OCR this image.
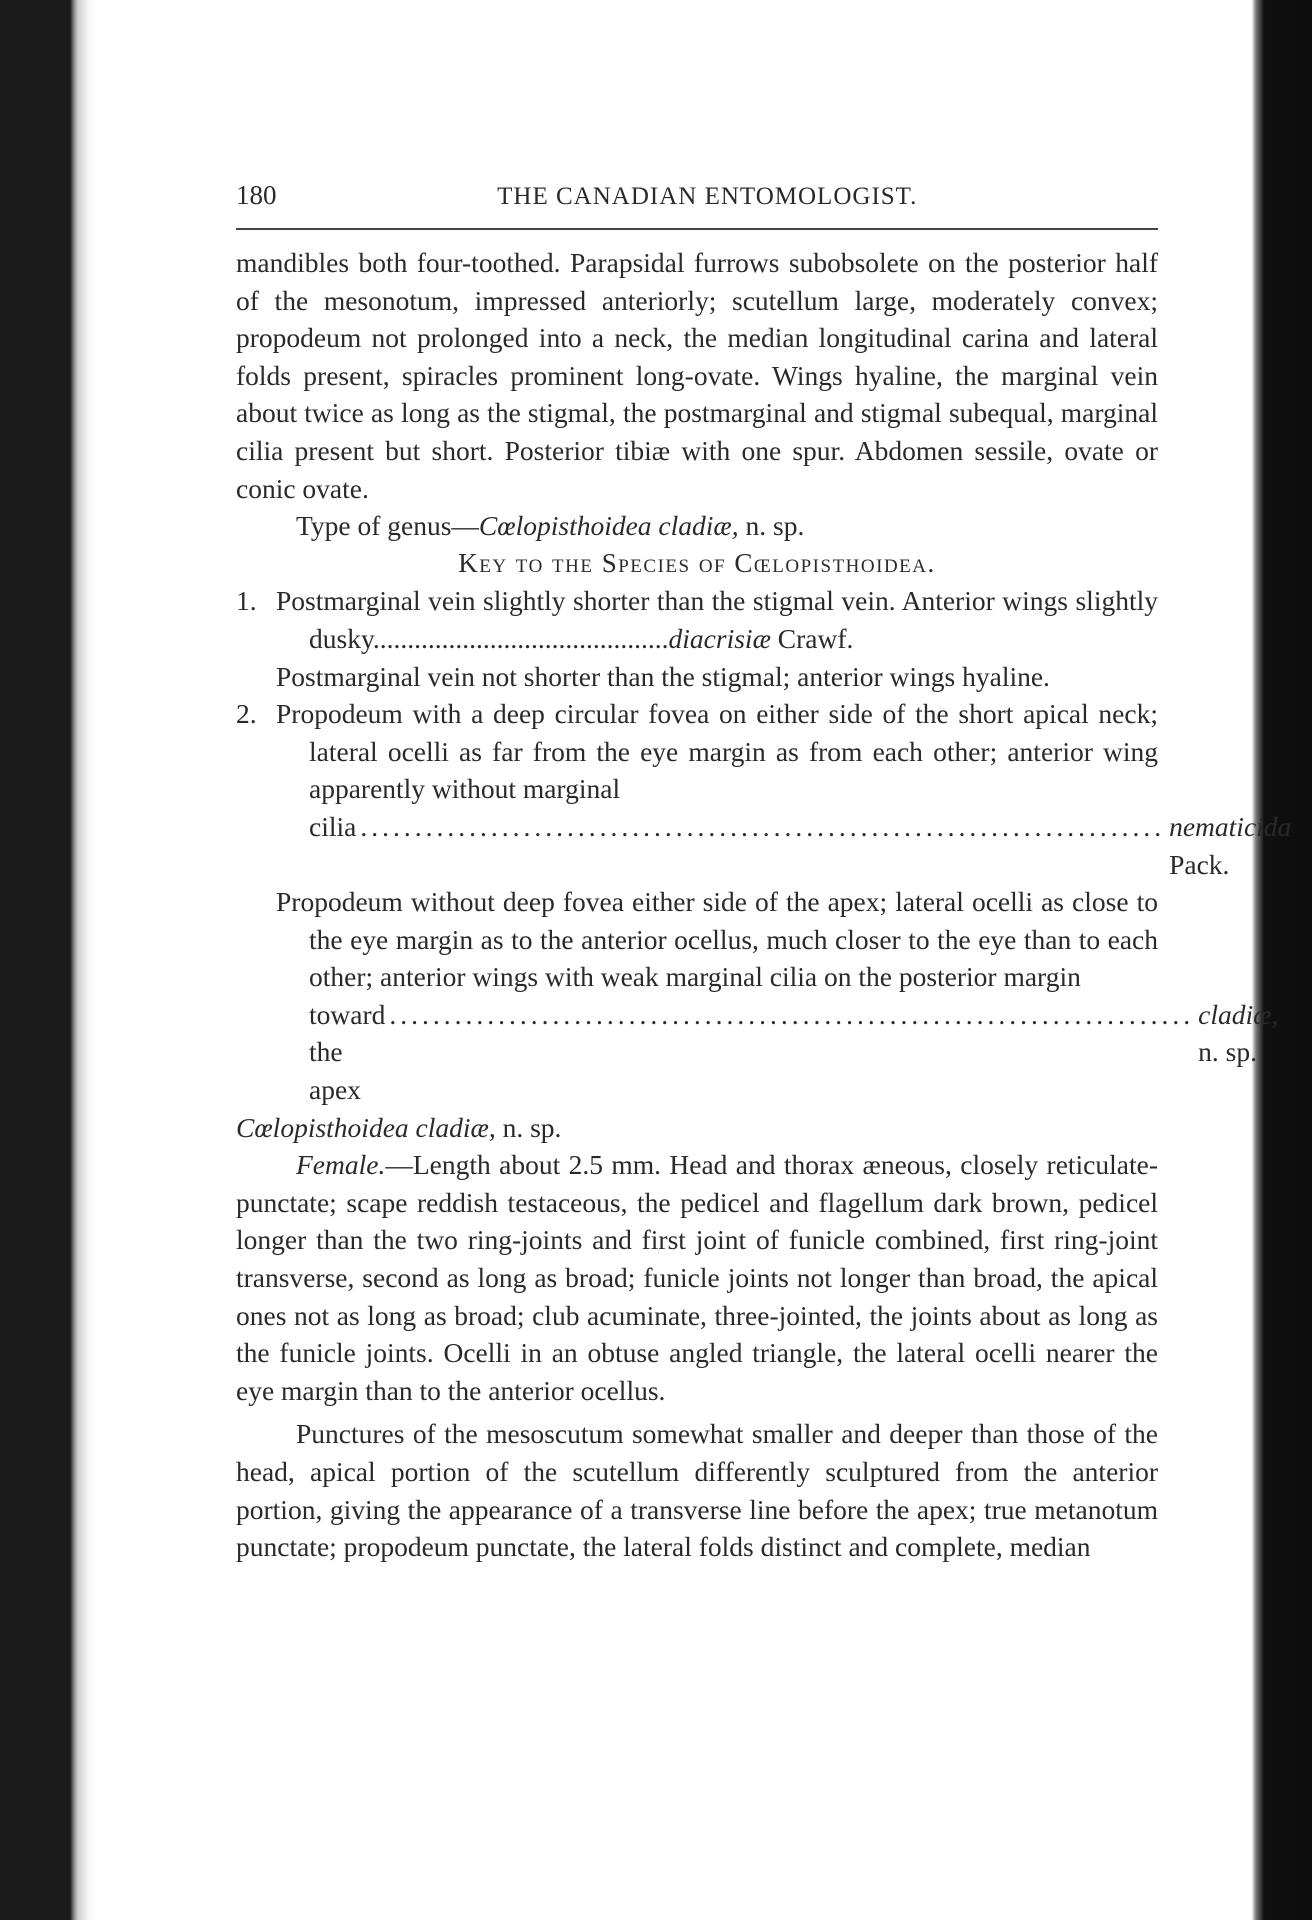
180	THE CANADIAN ENTOMOLOGIST.

mandibles both four-toothed. Parapsidal furrows subobsolete on the posterior half of the mesonotum, impressed anteriorly; scutellum large, moderately convex; propodeum not prolonged into a neck, the median longitudinal carina and lateral folds present, spiracles prominent long-ovate. Wings hyaline, the marginal vein about twice as long as the stigmal, the postmarginal and stigmal subequal, marginal cilia present but short. Posterior tibiæ with one spur. Abdomen sessile, ovate or conic ovate.

Type of genus—Cœlopisthoidea cladiæ, n. sp.

Key to the Species of Cœlopisthoidea.

1. Postmarginal vein slightly shorter than the stigmal vein. Anterior wings slightly dusky...........................................diacrisiæ Crawf.
Postmarginal vein not shorter than the stigmal; anterior wings hyaline.
2. Propodeum with a deep circular fovea on either side of the short apical neck; lateral ocelli as far from the eye margin as from each other; anterior wing apparently without marginal
cilia .......................................................................... nematicida Pack.
Propodeum without deep fovea either side of the apex; lateral ocelli as close to the eye margin as to the anterior ocellus, much closer to the eye than to each other; anterior wings with weak marginal cilia on the posterior margin
toward the apex
.......................................................................... cladiæ, n. sp.

Cœlopisthoidea cladiæ, n. sp.

Female.—Length about 2.5 mm. Head and thorax æneous, closely reticulate-punctate; scape reddish testaceous, the pedicel and flagellum dark brown, pedicel longer than the two ring-joints and first joint of funicle combined, first ring-joint transverse, second as long as broad; funicle joints not longer than broad, the apical ones not as long as broad; club acuminate, three-jointed, the joints about as long as the funicle joints. Ocelli in an obtuse angled triangle, the lateral ocelli nearer the eye margin than to the anterior ocellus.

Punctures of the mesoscutum somewhat smaller and deeper than those of the head, apical portion of the scutellum differently sculptured from the anterior portion, giving the appearance of a transverse line before the apex; true metanotum punctate; propodeum punctate, the lateral folds distinct and complete, median
